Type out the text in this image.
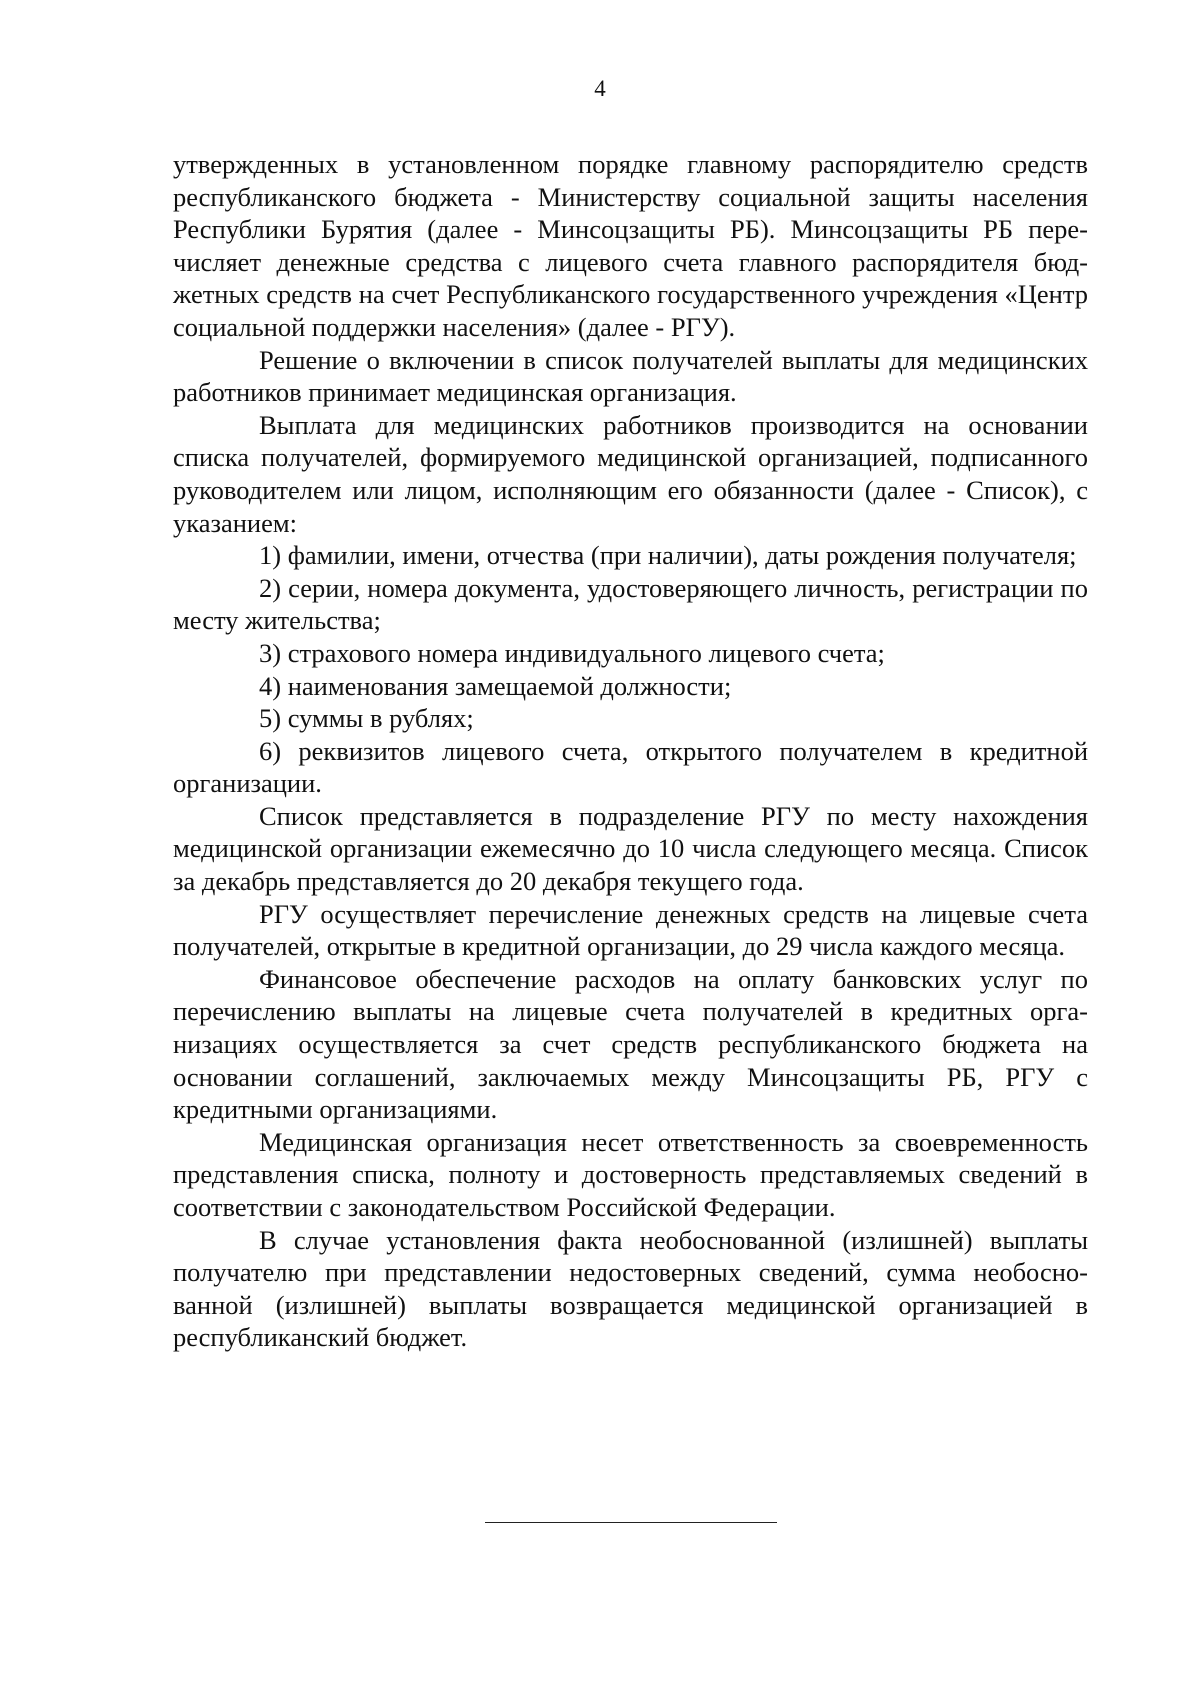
4

утвержденных в установленном порядке главному распорядителю средств республиканского бюджета - Министерству социальной защиты населения Республики Бурятия (далее - Минсоцзащиты РБ). Минсоцзащиты РБ перечисляет денежные средства с лицевого счета главного распорядителя бюджетных средств на счет Республиканского государственного учреждения «Центр социальной поддержки населения» (далее - РГУ).

Решение о включении в список получателей выплаты для медицинских работников принимает медицинская организация.

Выплата для медицинских работников производится на основании списка получателей, формируемого медицинской организацией, подписанного руководителем или лицом, исполняющим его обязанности (далее - Список), с указанием:

1) фамилии, имени, отчества (при наличии), даты рождения получателя;

2) серии, номера документа, удостоверяющего личность, регистрации по месту жительства;

3) страхового номера индивидуального лицевого счета;

4) наименования замещаемой должности;

5) суммы в рублях;

6) реквизитов лицевого счета, открытого получателем в кредитной организации.

Список представляется в подразделение РГУ по месту нахождения медицинской организации ежемесячно до 10 числа следующего месяца. Список за декабрь представляется до 20 декабря текущего года.

РГУ осуществляет перечисление денежных средств на лицевые счета получателей, открытые в кредитной организации, до 29 числа каждого месяца.

Финансовое обеспечение расходов на оплату банковских услуг по перечислению выплаты на лицевые счета получателей в кредитных организациях осуществляется за счет средств республиканского бюджета на основании соглашений, заключаемых между Минсоцзащиты РБ, РГУ с кредитными организациями.

Медицинская организация несет ответственность за своевременность представления списка, полноту и достоверность представляемых сведений в соответствии с законодательством Российской Федерации.

В случае установления факта необоснованной (излишней) выплаты получателю при представлении недостоверных сведений, сумма необоснованной (излишней) выплаты возвращается медицинской организацией в республиканский бюджет.
